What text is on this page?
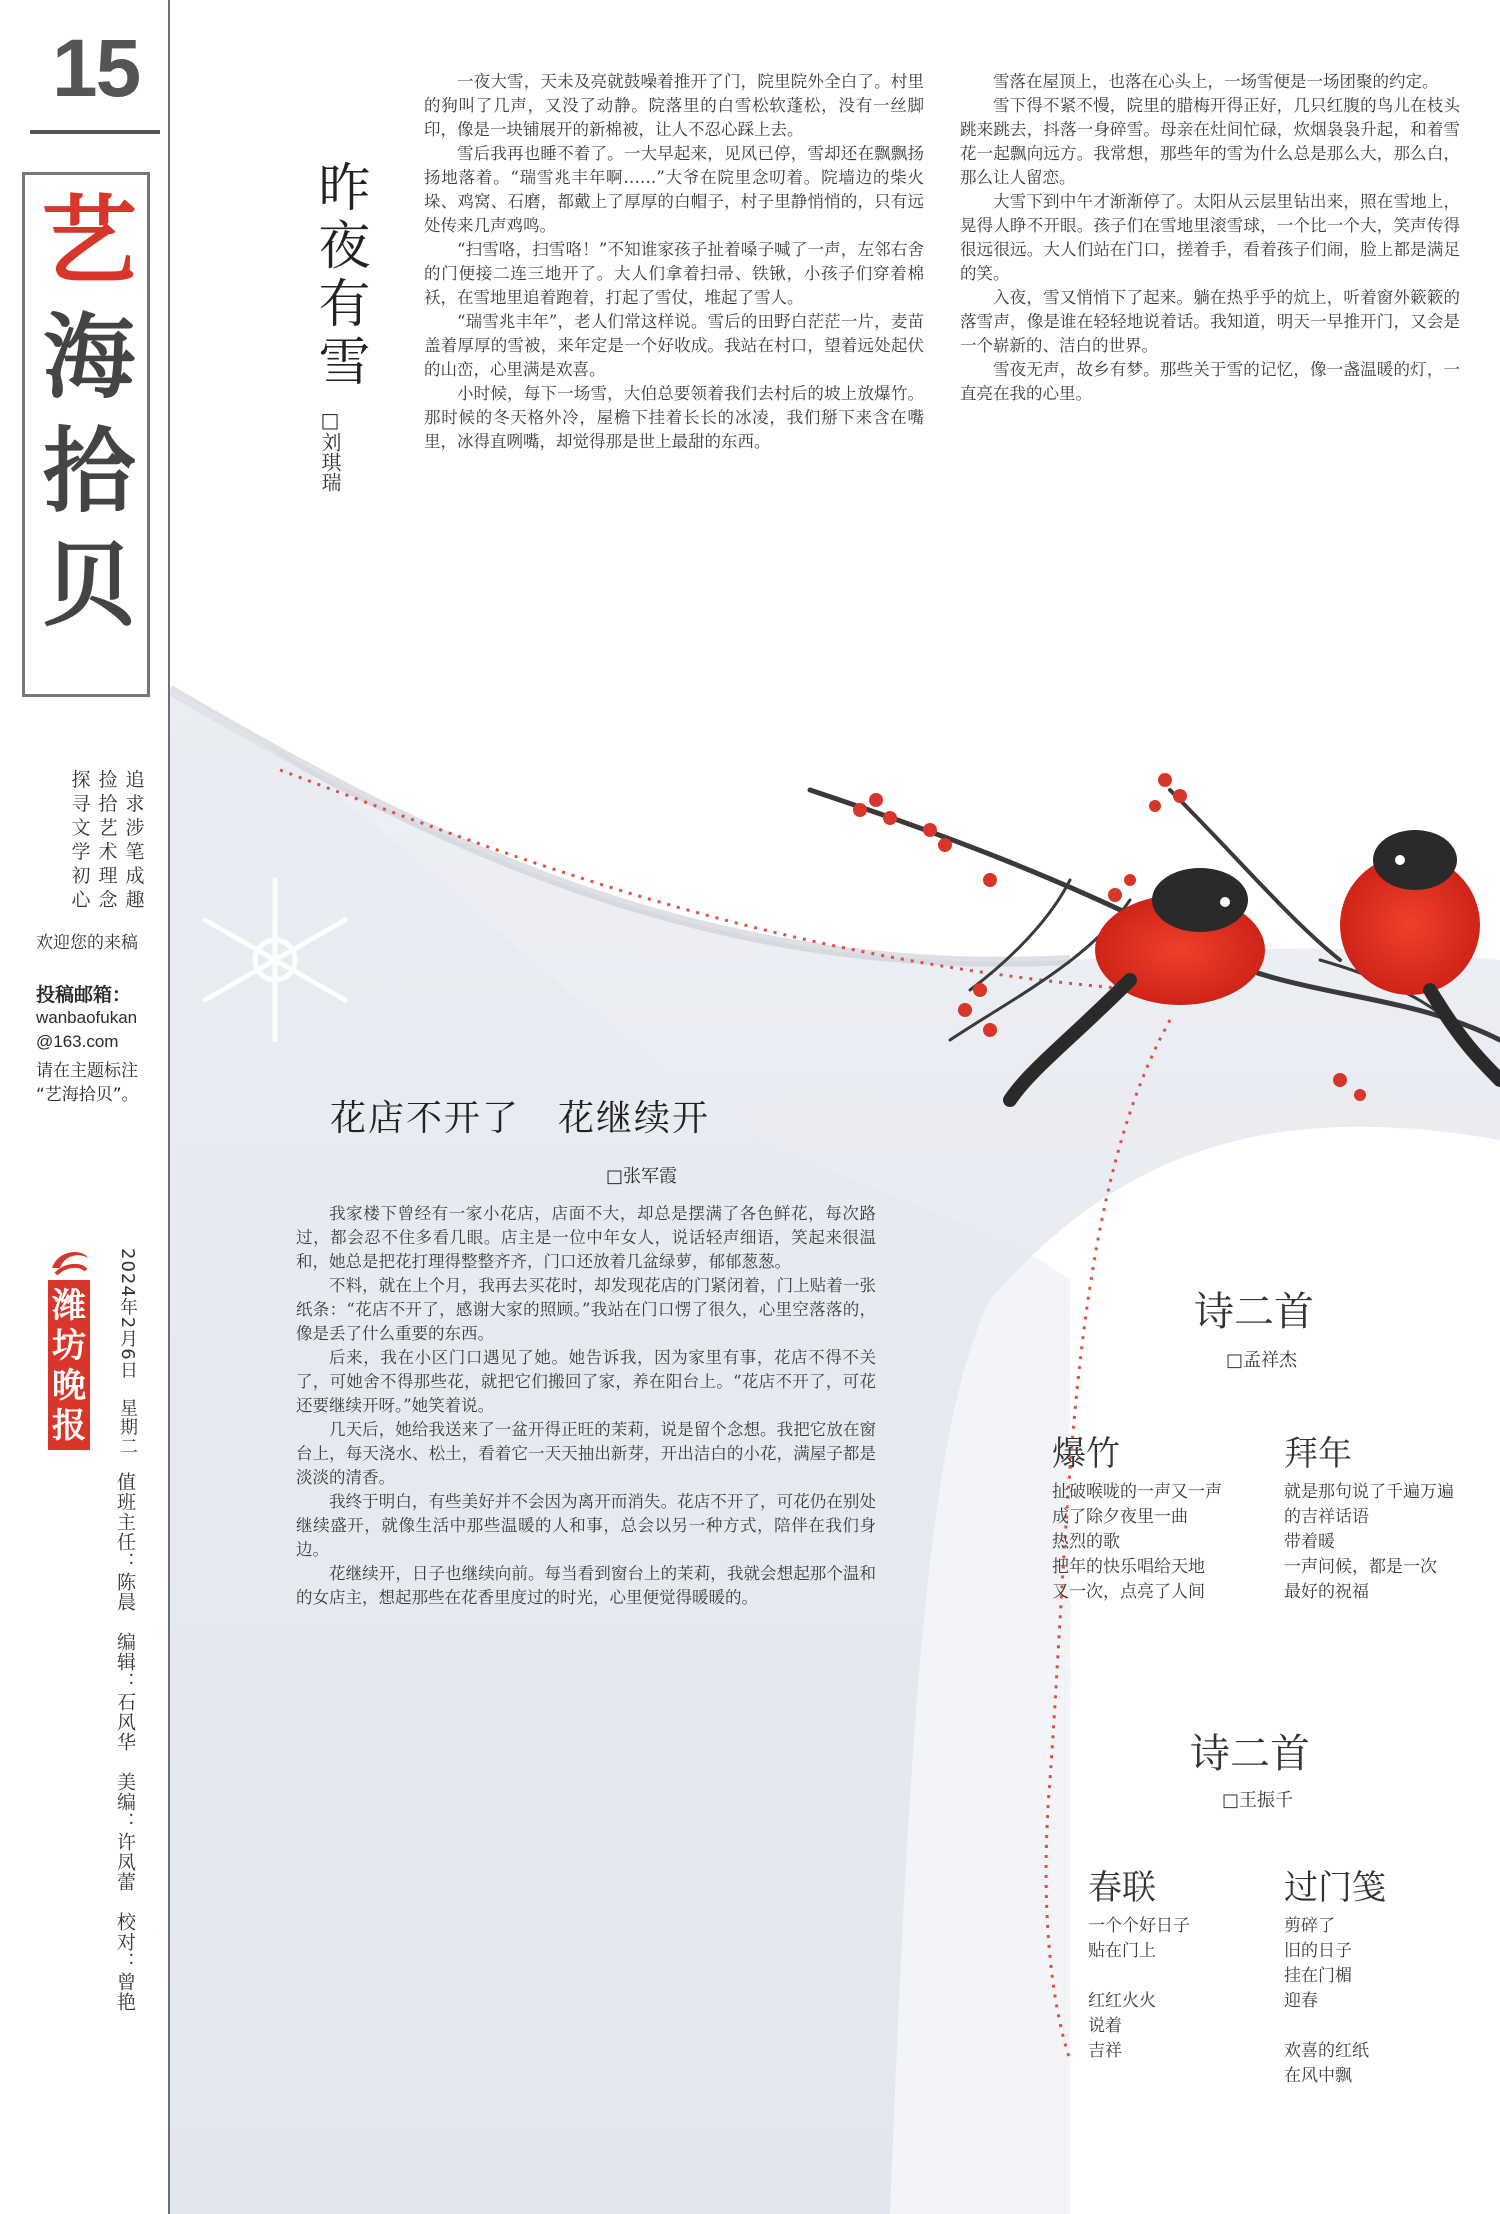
15
艺
海
拾
贝
追求涉笔成趣
捡拾艺术理念
探寻文学初心

欢迎您的来稿
投稿邮箱：
wanbaofukan
@163.com
请在主题标注
“艺海拾贝”。
潍坊晚报 2024年2月6日　星期二
值班主任：陈晨　编辑：石风华　美编：许凤蕾　校对：曾艳
昨夜有雪
□刘琪瑞

一夜大雪，天未及亮就鼓噪着推开了门，院里院外全白了。村里的狗叫了几声，又没了动静。院落里的白雪松软蓬松，没有一丝脚印，像是一块铺展开的新棉被，让人不忍心踩上去。

雪后我再也睡不着了。一大早起来，见风已停，雪却还在飘飘扬扬地落着。“瑞雪兆丰年啊……”大爷在院里念叨着。院墙边的柴火垛、鸡窝、石磨，都戴上了厚厚的白帽子，村子里静悄悄的，只有远处传来几声鸡鸣。

“扫雪咯，扫雪咯！”不知谁家孩子扯着嗓子喊了一声，左邻右舍的门便接二连三地开了。大人们拿着扫帚、铁锹，小孩子们穿着棉袄，在雪地里追着跑着，打起了雪仗，堆起了雪人。

“瑞雪兆丰年”，老人们常这样说。雪后的田野白茫茫一片，麦苗盖着厚厚的雪被，来年定是一个好收成。我站在村口，望着远处起伏的山峦，心里满是欢喜。

小时候，每下一场雪，大伯总要领着我们去村后的坡上放爆竹。那时候的冬天格外冷，屋檐下挂着长长的冰凌，我们掰下来含在嘴里，冰得直咧嘴，却觉得那是世上最甜的东西。

雪落在屋顶上，也落在心头上，一场雪便是一场团聚的约定。

雪下得不紧不慢，院里的腊梅开得正好，几只红腹的鸟儿在枝头跳来跳去，抖落一身碎雪。母亲在灶间忙碌，炊烟袅袅升起，和着雪花一起飘向远方。我常想，那些年的雪为什么总是那么大，那么白，那么让人留恋。

大雪下到中午才渐渐停了。太阳从云层里钻出来，照在雪地上，晃得人睁不开眼。孩子们在雪地里滚雪球，一个比一个大，笑声传得很远很远。大人们站在门口，搓着手，看着孩子们闹，脸上都是满足的笑。

入夜，雪又悄悄下了起来。躺在热乎乎的炕上，听着窗外簌簌的落雪声，像是谁在轻轻地说着话。我知道，明天一早推开门，又会是一个崭新的、洁白的世界。

雪夜无声，故乡有梦。那些关于雪的记忆，像一盏温暖的灯，一直亮在我的心里。

花店不开了　花继续开
□张军霞

我家楼下曾经有一家小花店，店面不大，却总是摆满了各色鲜花，每次路过，都会忍不住多看几眼。店主是一位中年女人，说话轻声细语，笑起来很温和，她总是把花打理得整整齐齐，门口还放着几盆绿萝，郁郁葱葱。

不料，就在上个月，我再去买花时，却发现花店的门紧闭着，门上贴着一张纸条：“花店不开了，感谢大家的照顾。”我站在门口愣了很久，心里空落落的，像是丢了什么重要的东西。

后来，我在小区门口遇见了她。她告诉我，因为家里有事，花店不得不关了，可她舍不得那些花，就把它们搬回了家，养在阳台上。“花店不开了，可花还要继续开呀。”她笑着说。

几天后，她给我送来了一盆开得正旺的茉莉，说是留个念想。我把它放在窗台上，每天浇水、松土，看着它一天天抽出新芽，开出洁白的小花，满屋子都是淡淡的清香。

我终于明白，有些美好并不会因为离开而消失。花店不开了，可花仍在别处继续盛开，就像生活中那些温暖的人和事，总会以另一种方式，陪伴在我们身边。

花继续开，日子也继续向前。每当看到窗台上的茉莉，我就会想起那个温和的女店主，想起那些在花香里度过的时光，心里便觉得暖暖的。

诗二首
□孟祥杰
爆竹
扯破喉咙的一声又一声
成了除夕夜里一曲
热烈的歌
把年的快乐唱给天地
又一次，点亮了人间
拜年
就是那句说了千遍万遍
的吉祥话语
带着暖
一声问候，都是一次
最好的祝福
诗二首
□王振千
春联
一个个好日子
贴在门上
红红火火
说着
吉祥
过门笺
剪碎了
旧的日子
挂在门楣
迎春
欢喜的红纸
在风中飘
